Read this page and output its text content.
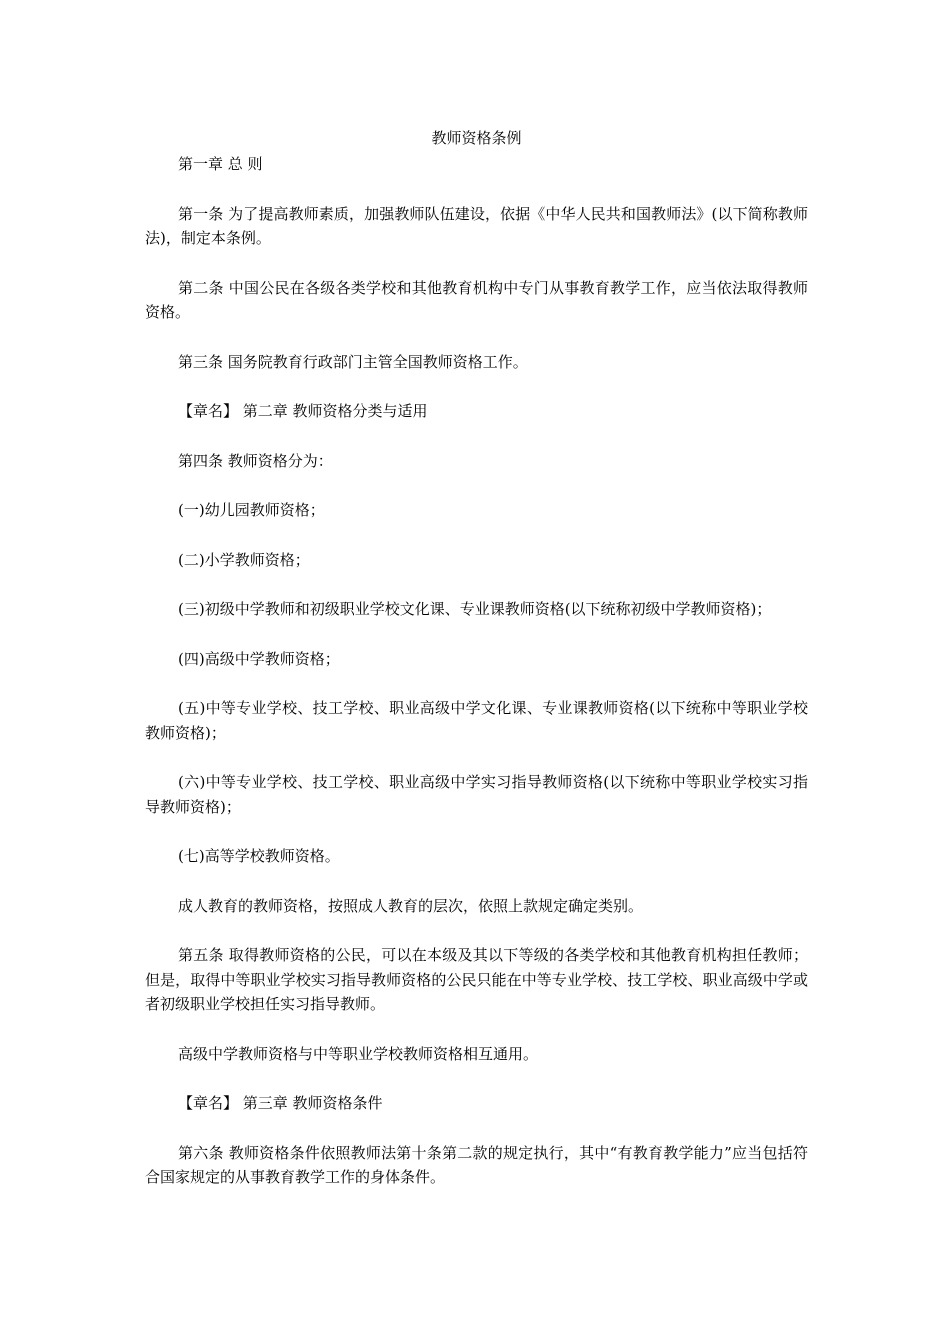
教师资格条例

第一章 总 则

第一条 为了提高教师素质，加强教师队伍建设，依据《中华人民共和国教师法》(以下简称教师法)，制定本条例。

第二条 中国公民在各级各类学校和其他教育机构中专门从事教育教学工作，应当依法取得教师资格。

第三条 国务院教育行政部门主管全国教师资格工作。

【章名】 第二章 教师资格分类与适用

第四条 教师资格分为：

(一)幼儿园教师资格；

(二)小学教师资格；

(三)初级中学教师和初级职业学校文化课、专业课教师资格(以下统称初级中学教师资格)；

(四)高级中学教师资格；

(五)中等专业学校、技工学校、职业高级中学文化课、专业课教师资格(以下统称中等职业学校教师资格)；

(六)中等专业学校、技工学校、职业高级中学实习指导教师资格(以下统称中等职业学校实习指导教师资格)；

(七)高等学校教师资格。

成人教育的教师资格，按照成人教育的层次，依照上款规定确定类别。

第五条 取得教师资格的公民，可以在本级及其以下等级的各类学校和其他教育机构担任教师；但是，取得中等职业学校实习指导教师资格的公民只能在中等专业学校、技工学校、职业高级中学或者初级职业学校担任实习指导教师。

高级中学教师资格与中等职业学校教师资格相互通用。

【章名】 第三章 教师资格条件

第六条 教师资格条件依照教师法第十条第二款的规定执行，其中“有教育教学能力”应当包括符合国家规定的从事教育教学工作的身体条件。
